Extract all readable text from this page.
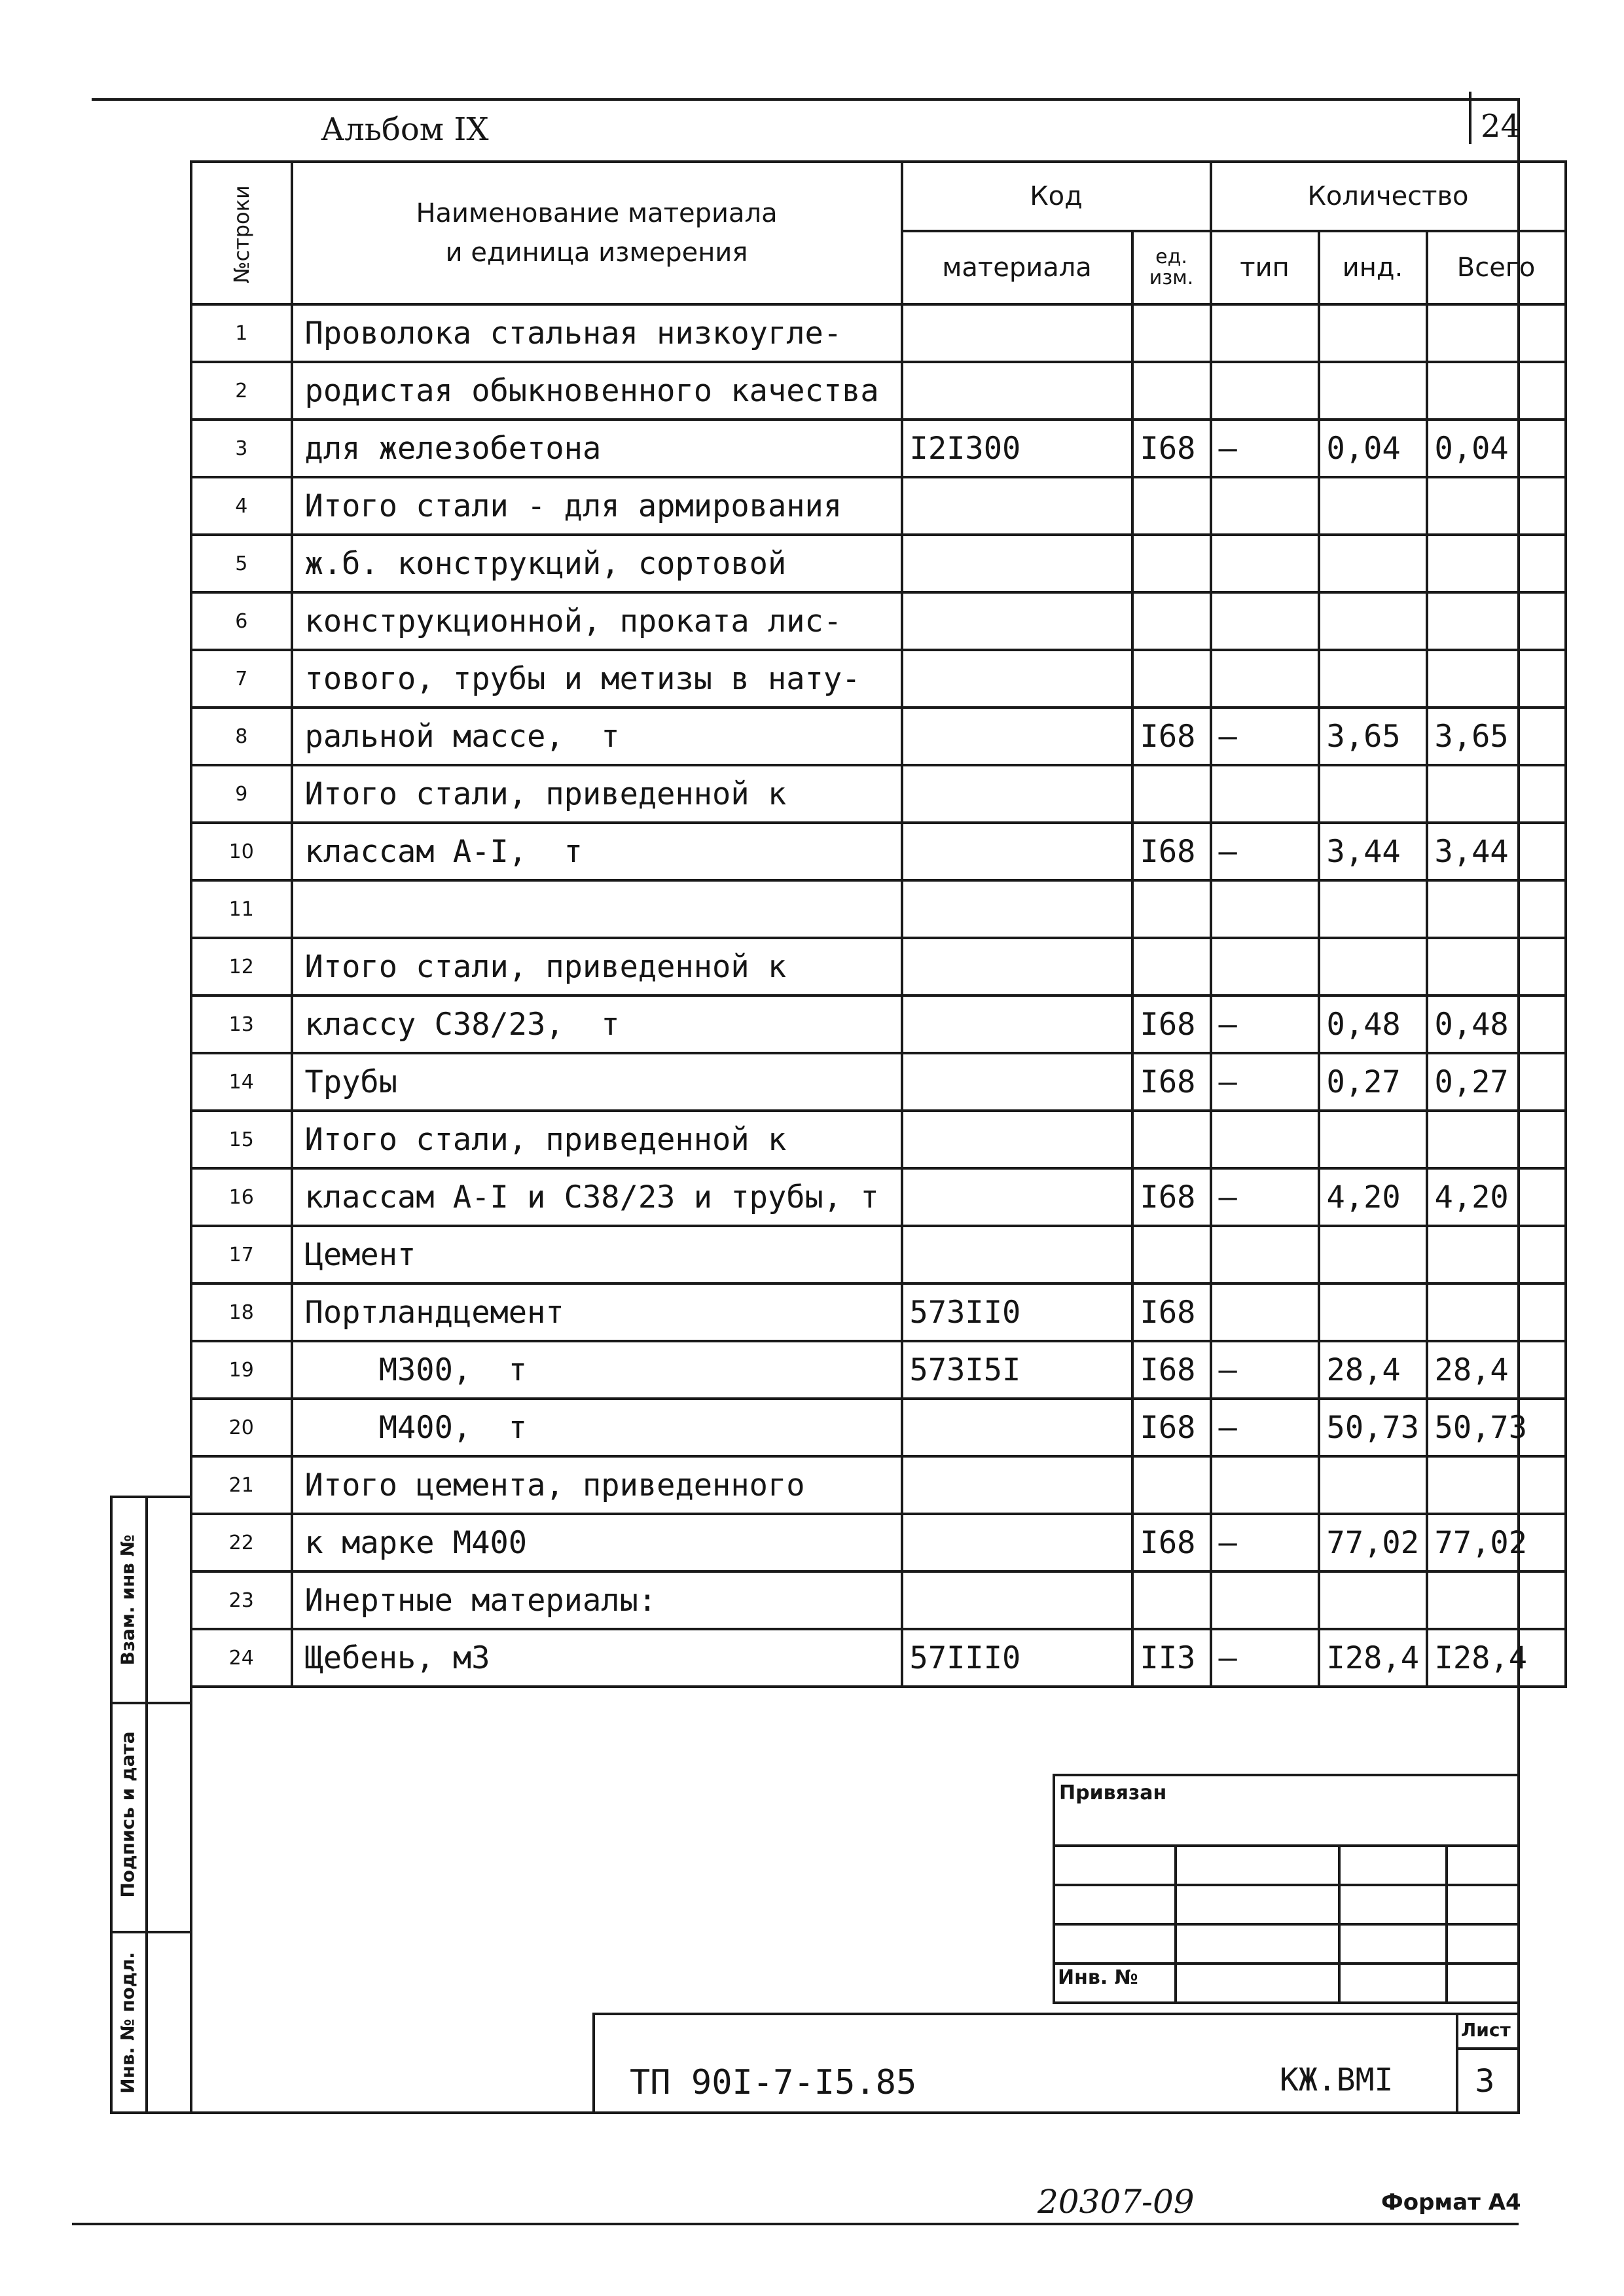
Альбом IX	24
№строки	Наименование материала
и единица измерения	Код		Количество		
		материала	ед. изм.	тип	инд.	Всего
1	Проволока стальная низкоугле-					
2	родистая обыкновенного качества					
3	для железобетона	I2I300	I68	–	0,04	0,04
4	Итого стали - для армирования					
5	ж.б. конструкций, сортовой					
6	конструкционной, проката лис-					
7	тового, трубы и метизы в нату-					
8	ральной массе,  т		I68	–	3,65	3,65
9	Итого стали, приведенной к					
10	классам А-I,  т		I68	–	3,44	3,44
11						
12	Итого стали, приведенной к					
13	классу С38/23,  т		I68	–	0,48	0,48
14	Трубы		I68	–	0,27	0,27
15	Итого стали, приведенной к					
16	классам А-I и С38/23 и трубы, т		I68	–	4,20	4,20
17	Цемент					
18	Портландцемент	573II0	I68			
19	М300,  т	573I5I	I68	–	28,4	28,4
20	М400,  т		I68	–	50,73	50,73
21	Итого цемента, приведенного					
22	к марке М400		I68	–	77,02	77,02
23	Инертные материалы:					
24	Щебень, м3	57III0	II3	–	I28,4	I28,4
Взам. инв №
Подпись и дата
Инв. № подл.
Привязан			

Инв. №			
ТП 90I-7-I5.85	КЖ.ВМI
Лист
3
20307-09	Формат А4
